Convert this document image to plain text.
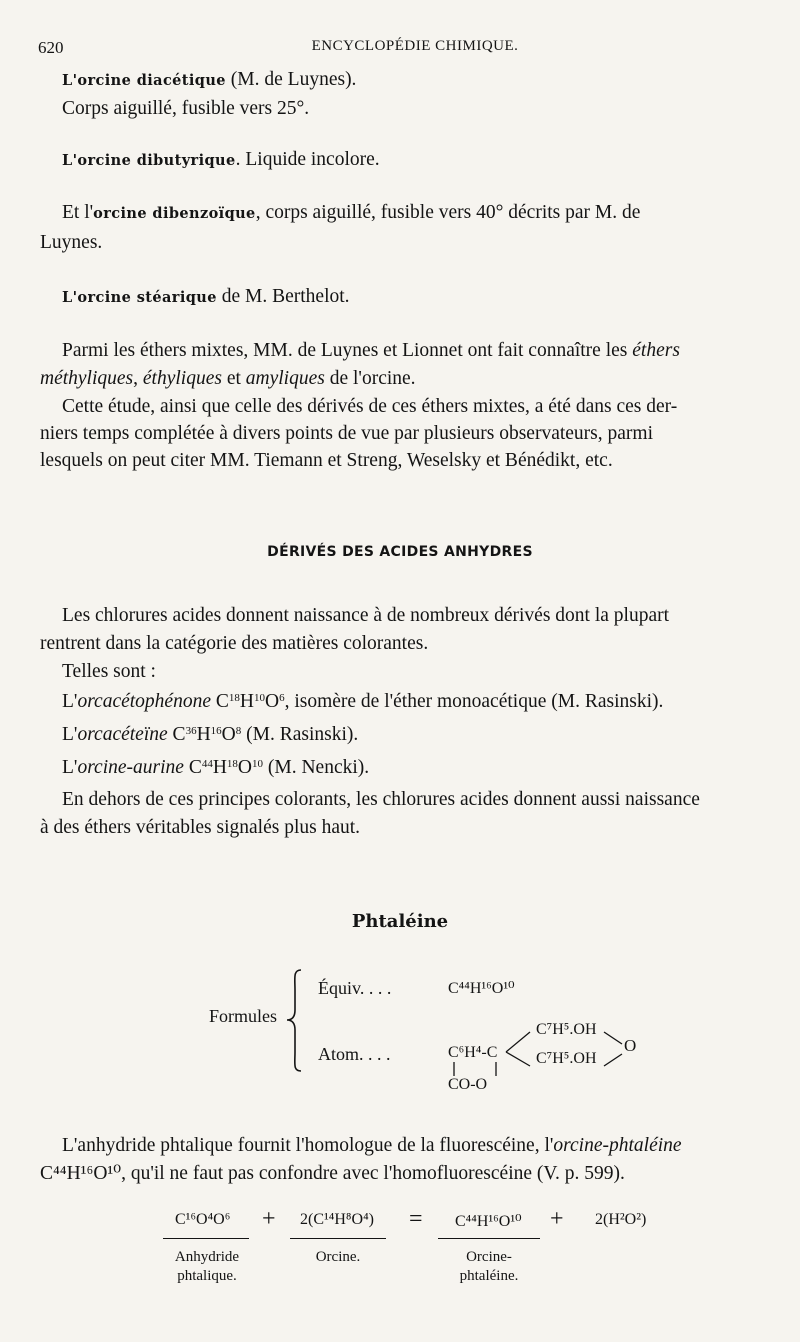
620	ENCYCLOPÉDIE CHIMIQUE.
L'orcine diacétique (M. de Luynes).
Corps aiguillé, fusible vers 25°.
L'orcine dibutyrique. Liquide incolore.
Et l'orcine dibenzoïque, corps aiguillé, fusible vers 40° décrits par M. de
Luynes.
L'orcine stéarique de M. Berthelot.
Parmi les éthers mixtes, MM. de Luynes et Lionnet ont fait connaître les éthers
méthyliques, éthyliques et amyliques de l'orcine.
Cette étude, ainsi que celle des dérivés de ces éthers mixtes, a été dans ces der-
niers temps complétée à divers points de vue par plusieurs observateurs, parmi
lesquels on peut citer MM. Tiemann et Streng, Weselsky et Bénédikt, etc.
DÉRIVÉS DES ACIDES ANHYDRES
Les chlorures acides donnent naissance à de nombreux dérivés dont la plupart
rentrent dans la catégorie des matières colorantes.
Telles sont :
L'orcacétophénone $C^{18}H^{10}O^6$, isomère de l'éther monoacétique (M. Rasinski).
L'orcacéteïne $C^{36}H^{16}O^8$ (M. Rasinski).
L'orcine-aurine $C^{44}H^{18}O^{10}$ (M. Nencki).
En dehors de ces principes colorants, les chlorures acides donnent aussi naissance
à des éthers véritables signalés plus haut.
Phtaléine
Formules
Équiv. . . .	C⁴⁴H¹⁶O¹⁰
Atom. . . .	C⁶H⁴-C
C⁷H⁵.OH
C⁷H⁵.OH
O
CO-O
L'anhydride phtalique fournit l'homologue de la fluorescéine, l'orcine-phtaléine
C⁴⁴H¹⁶O¹⁰, qu'il ne faut pas confondre avec l'homofluorescéine (V. p. 599).
C¹⁶O⁴O⁶ + 2(C¹⁴H⁸O⁴) = C⁴⁴H¹⁶O¹⁰ + 2(H²O²)
Anhydride
phtalique.
Orcine.	Orcine-
phtaléine.
